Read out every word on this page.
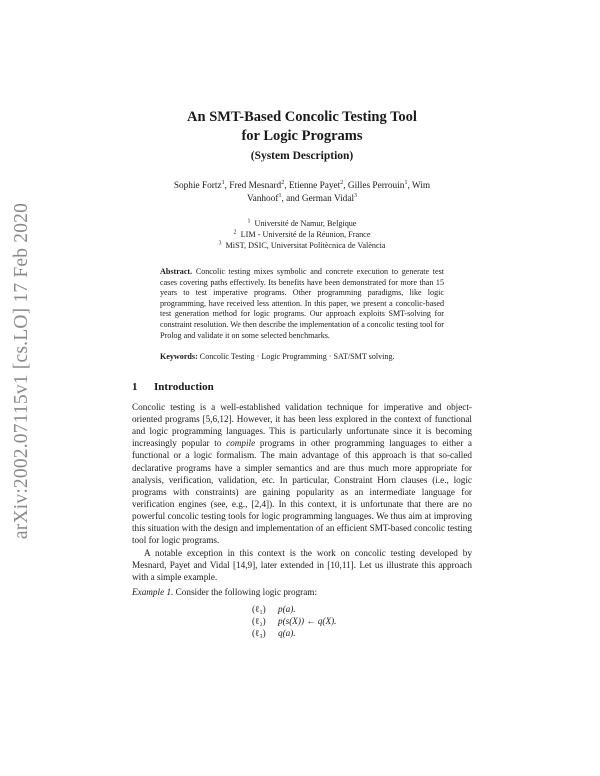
arXiv:2002.07115v1 [cs.LO] 17 Feb 2020
An SMT-Based Concolic Testing Tool
for Logic Programs
(System Description)
Sophie Fortz$^1$, Fred Mesnard$^2$, Etienne Payet$^2$, Gilles Perrouin$^1$, Wim
Vanhoof$^1$, and German Vidal$^3$
$^1$ Université de Namur, Belgique
$^2$ LIM - Université de la Réunion, France
$^3$ MiST, DSIC, Universitat Politècnica de València
Abstract. Concolic testing mixes symbolic and concrete execution to generate test cases covering paths effectively. Its benefits have been demonstrated for more than 15 years to test imperative programs. Other programming paradigms, like logic programming, have received less attention. In this paper, we present a concolic-based test generation method for logic programs. Our approach exploits SMT-solving for constraint resolution. We then describe the implementation of a concolic testing tool for Prolog and validate it on some selected benchmarks.
Keywords: Concolic Testing · Logic Programming · SAT/SMT solving.
1 Introduction

Concolic testing is a well-established validation technique for imperative and object-oriented programs [5,6,12]. However, it has been less explored in the context of functional and logic programming languages. This is particularly unfortunate since it is becoming increasingly popular to compile programs in other programming languages to either a functional or a logic formalism. The main advantage of this approach is that so-called declarative programs have a simpler semantics and are thus much more appropriate for analysis, verification, validation, etc. In particular, Constraint Horn clauses (i.e., logic programs with constraints) are gaining popularity as an intermediate language for verification engines (see, e.g., [2,4]). In this context, it is unfortunate that there are no powerful concolic testing tools for logic programming languages. We thus aim at improving this situation with the design and implementation of an efficient SMT-based concolic testing tool for logic programs.

A notable exception in this context is the work on concolic testing developed by Mesnard, Payet and Vidal [14,9], later extended in [10,11]. Let us illustrate this approach with a simple example.

Example 1. Consider the following logic program:
(ℓ₁)	p(a).
(ℓ₂)	p(s(X)) ← q(X).
(ℓ₃)	q(a).
